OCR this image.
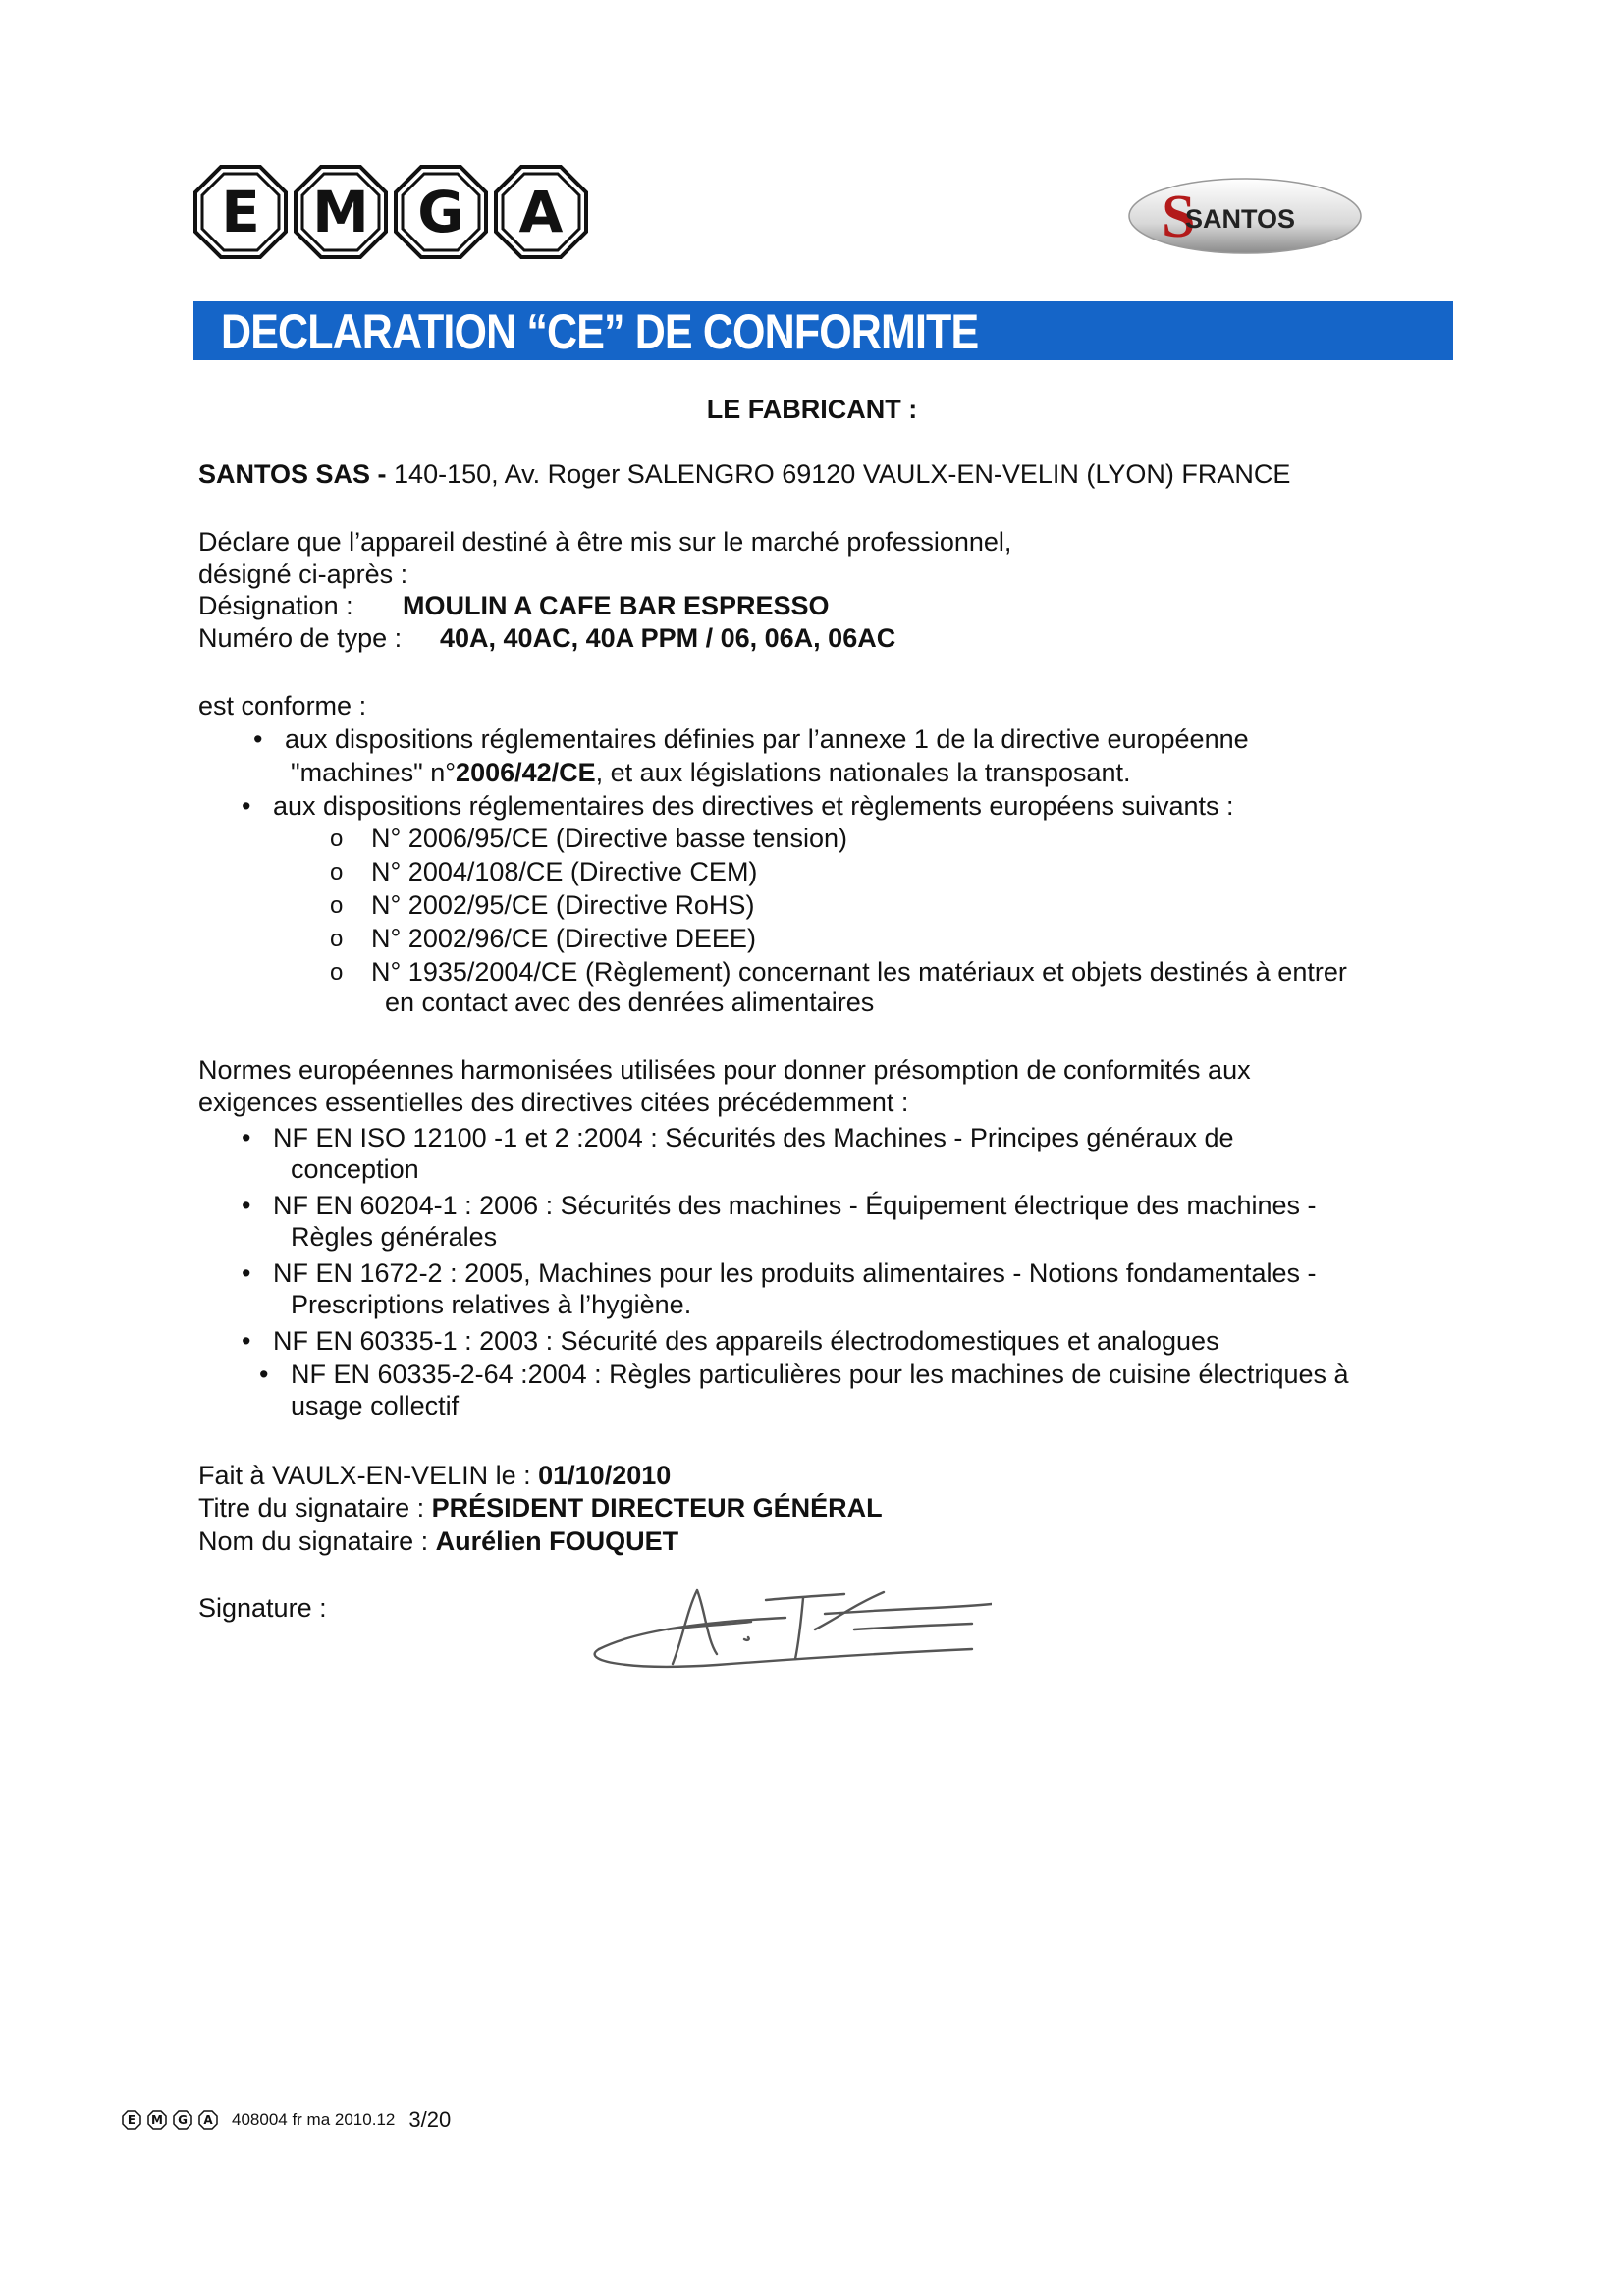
E M G A	S
SANTOS
DECLARATION “CE” DE CONFORMITE
LE FABRICANT :
SANTOS SAS - 140-150, Av. Roger SALENGRO 69120 VAULX-EN-VELIN (LYON) FRANCE
Déclare que l’appareil destiné à être mis sur le marché professionnel,
désigné ci-après :
Désignation : MOULIN A CAFE BAR ESPRESSO
Numéro de type : 40A, 40AC, 40A PPM / 06, 06A, 06AC
est conforme :
• aux dispositions réglementaires définies par l’annexe 1 de la directive européenne
"machines" n°2006/42/CE, et aux législations nationales la transposant.
• aux dispositions réglementaires des directives et règlements européens suivants :
o N° 2006/95/CE (Directive basse tension)
o N° 2004/108/CE (Directive CEM)
o N° 2002/95/CE (Directive RoHS)
o N° 2002/96/CE (Directive DEEE)
o N° 1935/2004/CE (Règlement) concernant les matériaux et objets destinés à entrer
en contact avec des denrées alimentaires
Normes européennes harmonisées utilisées pour donner présomption de conformités aux
exigences essentielles des directives citées précédemment :
• NF EN ISO 12100 -1 et 2 :2004 : Sécurités des Machines - Principes généraux de
conception
• NF EN 60204-1 : 2006 : Sécurités des machines - Équipement électrique des machines -
Règles générales
• NF EN 1672-2 : 2005, Machines pour les produits alimentaires - Notions fondamentales -
Prescriptions relatives à l’hygiène.
• NF EN 60335-1 : 2003 : Sécurité des appareils électrodomestiques et analogues
• NF EN 60335-2-64 :2004 : Règles particulières pour les machines de cuisine électriques à
usage collectif
Fait à VAULX-EN-VELIN le : 01/10/2010
Titre du signataire : PRÉSIDENT DIRECTEUR GÉNÉRAL
Nom du signataire : Aurélien FOUQUET
Signature :
E	M	G	A	408004 fr ma 2010.12 3/20
